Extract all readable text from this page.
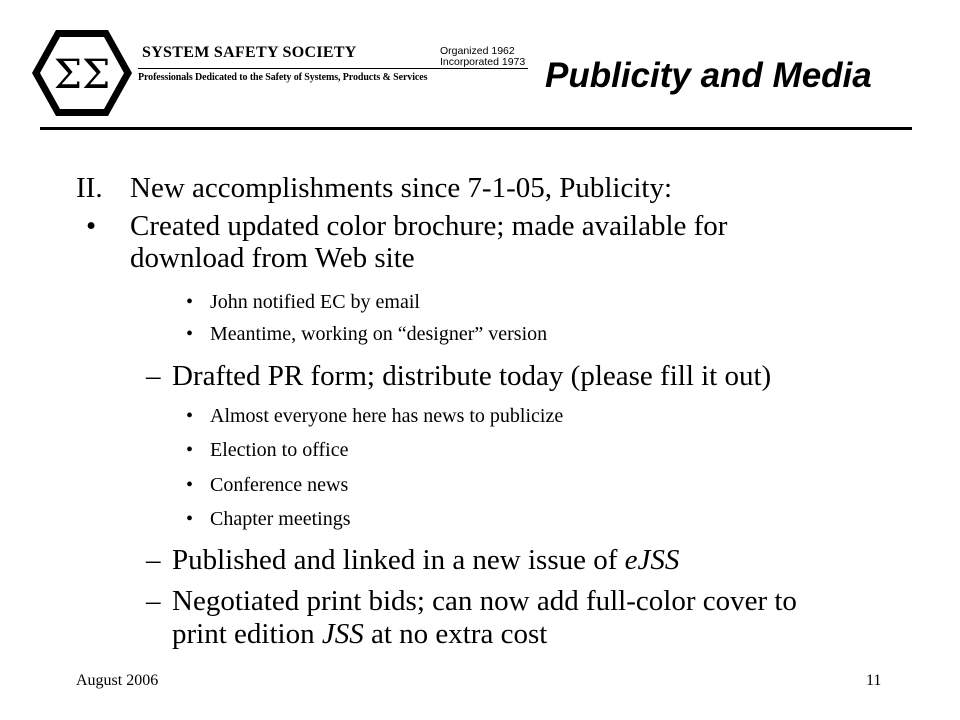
ΣΣ SYSTEM SAFETY SOCIETY
Professionals Dedicated to the Safety of Systems, Products & Services
Organized 1962
Incorporated 1973 Publicity and Media
II. New accomplishments since 7-1-05, Publicity:
• Created updated color brochure; made available for
download from Web site
• John notified EC by email
• Meantime, working on “designer” version
– Drafted PR form; distribute today (please fill it out)
• Almost everyone here has news to publicize
• Election to office
• Conference news
• Chapter meetings
– Published and linked in a new issue of eJSS
– Negotiated print bids; can now add full-color cover to
print edition JSS at no extra cost
August 2006	11
